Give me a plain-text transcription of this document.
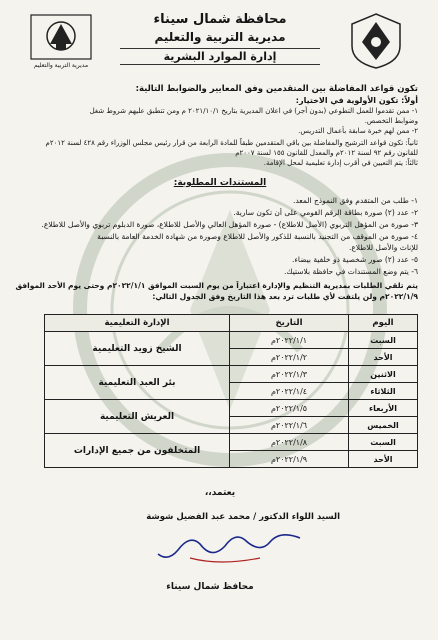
مديرية التربية والتعليم
محافظة شمال سيناء
مديرية التربية والتعليم
إدارة الموارد البشرية
تكون قواعد المفاضلة بين المتقدمين وفق المعايير والضوابط التالية:
أولاً: تكون الأولوية في الاختيار:
١- ممن تقدموا للعمل التطوعي (بدون أجر) في اعلان المديرية بتاريخ ٢٠٢١/١٠/١ م ومن تتطبق عليهم شروط شغل
وضوابط التخصص.
٢- ممن لهم خبرة سابقة بأعمال التدريس.
ثانياً: تكون قواعد الترشيح والمفاضلة بين باقي المتقدمين طبقاً للمادة الرابعة من قرار رئيس مجلس الوزراء رقم ٤٢٨ لسنة ٢٠١٢م
للقانون رقم ٩٢ لسنة ٢٠١٢م والمعدل للقانون ١٥٥ لسنة ٢٠٠٧م
ثالثاً: يتم التعيين في أقرب إدارة تعليمية لمحل الإقامة.
المستندات المطلوبة:
١- طلب من المتقدم وفق النموذج المعد.
٢- عدد (٢) صورة بطاقة الرقم القومي على أن تكون سارية.
٣- صورة من المؤهل التربوي (الأصل للاطلاع) - صورة المؤهل العالي والأصل للاطلاع، صورة الدبلوم تربوي والأصل للاطلاع.
٤- صورة من الموقف من التجنيد بالنسبة للذكور والأصل للاطلاع وصورة من شهادة الخدمة العامة بالنسبة
للإناث والأصل للاطلاع.
٥- عدد (٢) صور شخصية ذو خلفية بيضاء.
٦- يتم وضع المستندات في حافظة بلاستيك.
يتم تلقي الطلبات بمديرية التنظيم والإدارة اعتباراً من يوم السبت الموافق ٢٠٢٢/١/١م وحتى يوم الأحد الموافق
٢٠٢٢/١/٩م ولن يلتفت لأي طلبات ترد بعد هذا التاريخ وفق الجدول التالي:
اليوم	التاريخ	الإدارة التعليمية
السبت	٢٠٢٢/١/١م	الشيخ زويد التعليمية
الأحد	٢٠٢٢/١/٢م	
الاثنين	٢٠٢٢/١/٣م	بئر العبد التعليمية
الثلاثاء	٢٠٢٢/١/٤م	
الأربعاء	٢٠٢٢/١/٥م	العريش التعليمية
الخميس	٢٠٢٢/١/٦م	
السبت	٢٠٢٢/١/٨م	المتخلفون من جميع الإدارات
الأحد	٢٠٢٢/١/٩م	
يعتمد،،
السيد اللواء الدكتور / محمد عبد الفضيل شوشة
محافظ شمال سيناء
